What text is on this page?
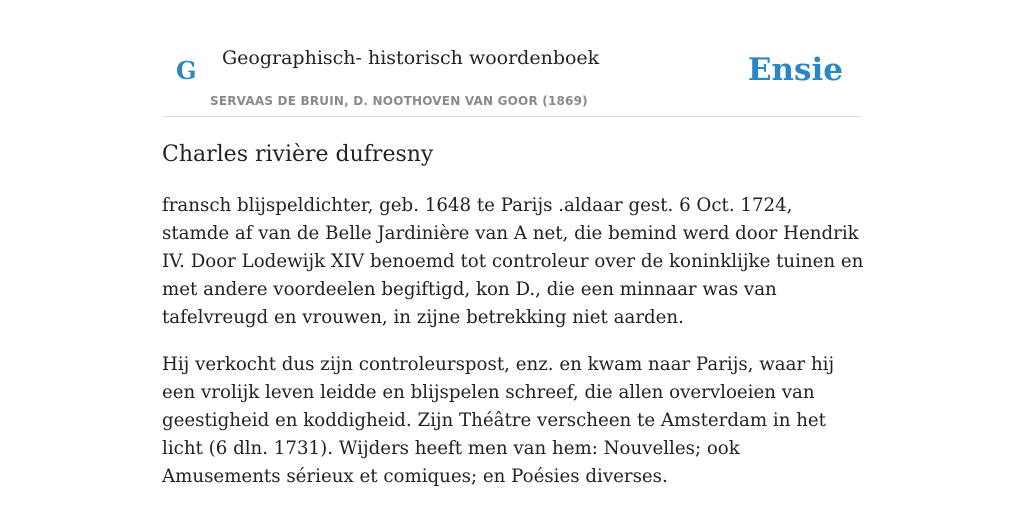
G Geographisch- historisch woordenboek
SERVAAS DE BRUIN, D. NOOTHOVEN VAN GOOR (1869)
Ensie
Charles rivière dufresny

fransch blijspeldichter, geb. 1648 te Parijs .aldaar gest. 6 Oct. 1724, stamde af van de Belle Jardinière van A net, die bemind werd door Hendrik IV. Door Lodewijk XIV benoemd tot controleur over de koninklijke tuinen en met andere voordeelen begiftigd, kon D., die een minnaar was van tafelvreugd en vrouwen, in zijne betrekking niet aarden.

Hij verkocht dus zijn controleurspost, enz. en kwam naar Parijs, waar hij een vrolijk leven leidde en blijspelen schreef, die allen overvloeien van geestigheid en koddigheid. Zijn Théâtre verscheen te Amsterdam in het licht (6 dln. 1731). Wijders heeft men van hem: Nouvelles; ook Amusements sérieux et comiques; en Poésies diverses.
